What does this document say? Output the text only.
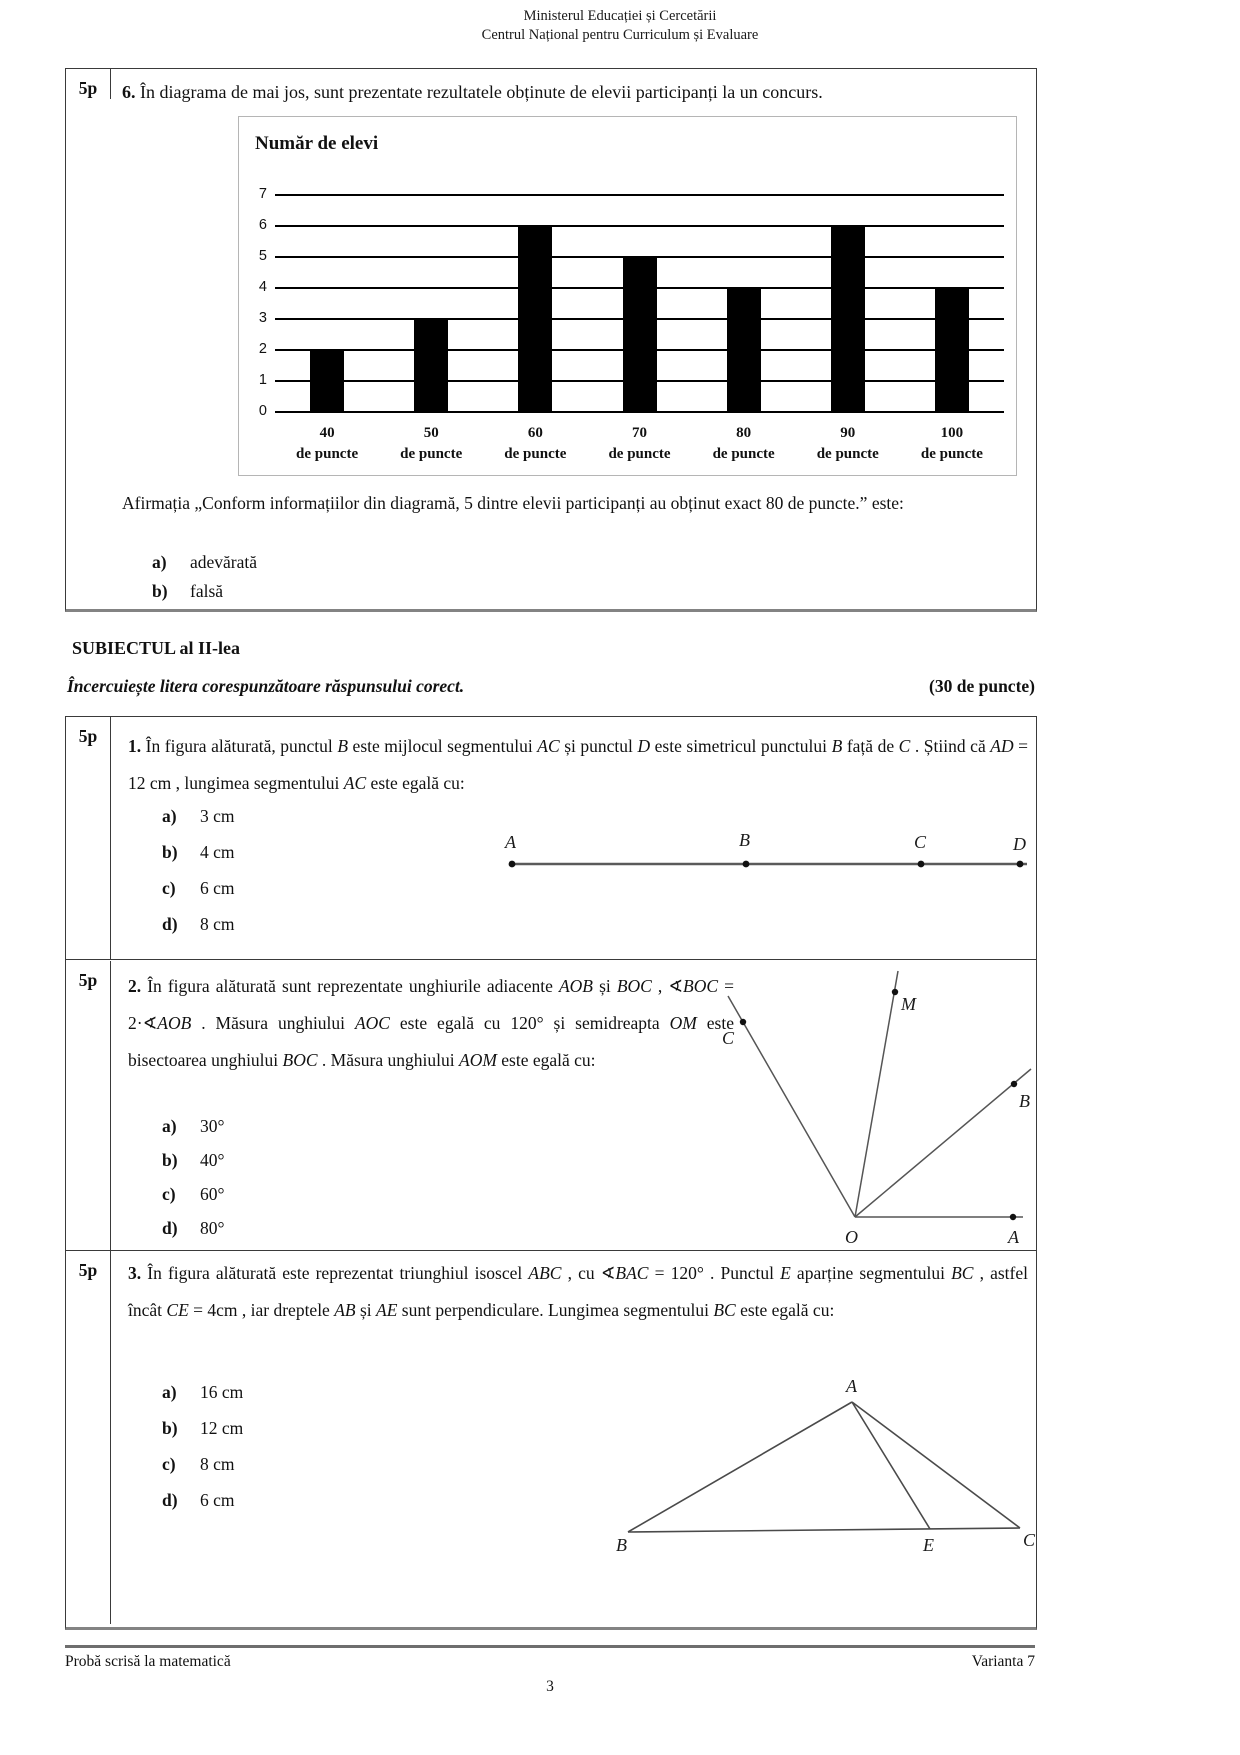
Ministerul Educației și Cercetării
Centrul Național pentru Curriculum și Evaluare
5p	6. În diagrama de mai jos, sunt prezentate rezultatele obținute de elevii participanți la un concurs.
Număr de elevi
0
1
2
3
4
5
6
7
40
de puncte
50
de puncte
60
de puncte
70
de puncte
80
de puncte
90
de puncte
100
de puncte
Afirmația „Conform informațiilor din diagramă, 5 dintre elevii participanți au obținut exact 80 de puncte.” este:
a)	adevărată
b)	falsă
SUBIECTUL al II-lea
Încercuiește litera corespunzătoare răspunsului corect.	(30 de puncte)
5p
5p
5p
1. În figura alăturată, punctul B este mijlocul segmentului AC și punctul D este simetricul punctului B față de C . Știind că AD = 12 cm , lungimea segmentului AC este egală cu:
a)	3 cm
b)	4 cm
c)	6 cm
d)	8 cm
A	B	C	D
2. În figura alăturată sunt reprezentate unghiurile adiacente AOB și BOC , ∢BOC = 2·∢AOB . Măsura unghiului AOC este egală cu 120° și semidreapta OM este bisectoarea unghiului BOC . Măsura unghiului AOM este egală cu:
a)	30°
b)	40°
c)	60°
d)	80°	A
B
M
C
O
3. În figura alăturată este reprezentat triunghiul isoscel ABC , cu ∢BAC = 120° . Punctul E aparține segmentului BC , astfel încât CE = 4cm , iar dreptele AB și AE sunt perpendiculare. Lungimea segmentului BC este egală cu:
a)	16 cm
b)	12 cm
c)	8 cm
d)	6 cm
A
B	E	C
Probă scrisă la matematică	Varianta 7
3
